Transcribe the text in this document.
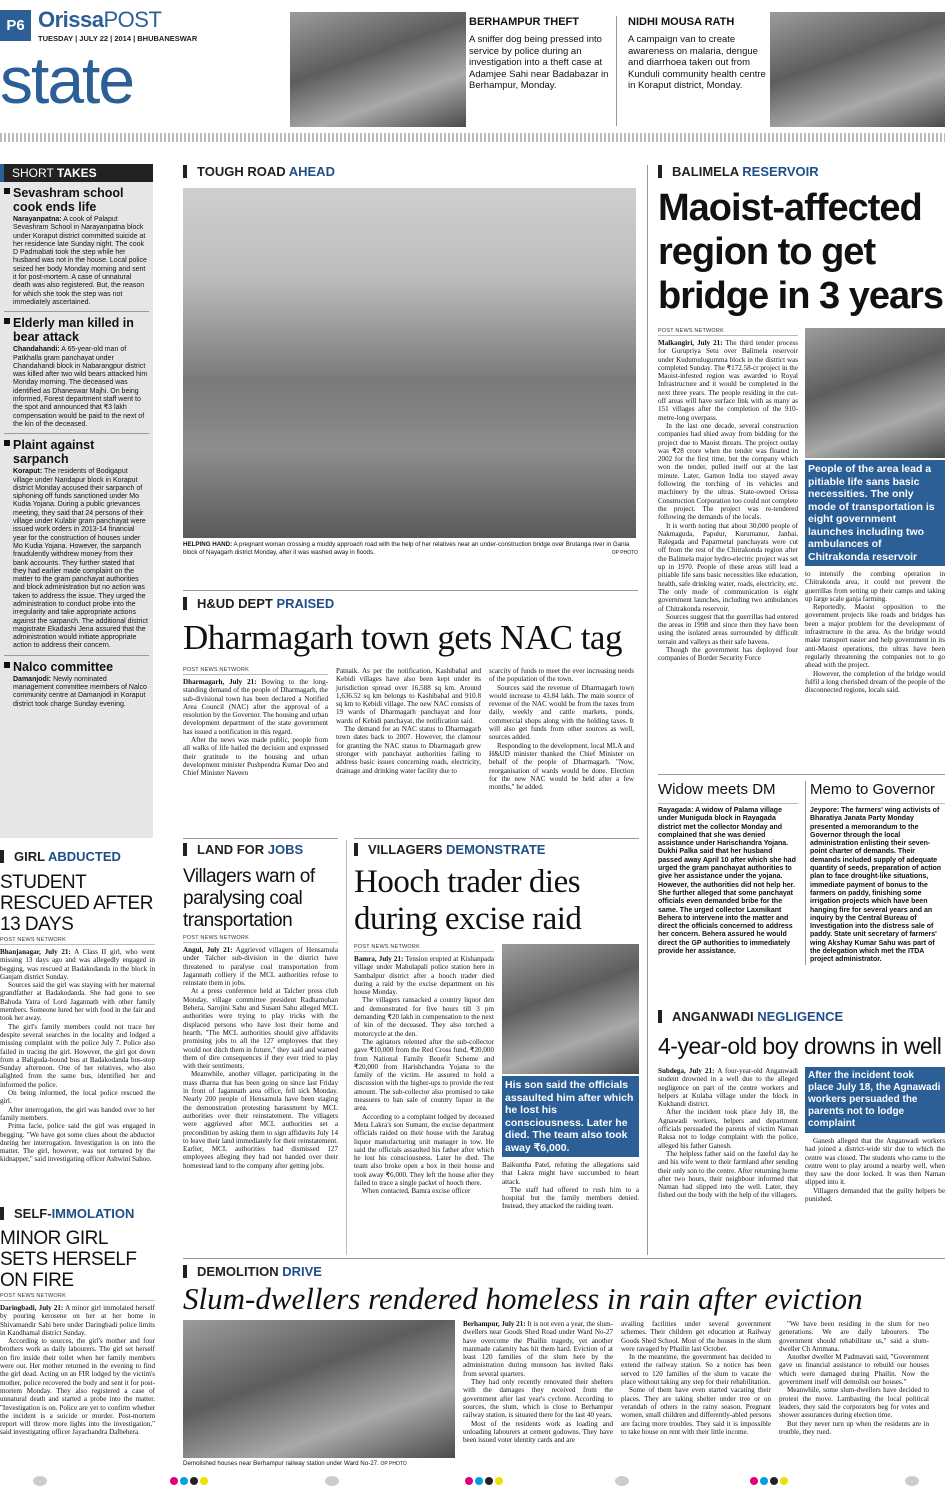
P6 OrissaPOST
TUESDAY | JULY 22 | 2014 | BHUBANESWAR
state
BERHAMPUR THEFT
A sniffer dog being pressed into service by police during an investigation into a theft case at Adamjee Sahi near Badabazar in Berhampur, Monday.
NIDHI MOUSA RATH
A campaign van to create awareness on malaria, dengue and diarrhoea taken out from Kunduli community health centre in Koraput district, Monday.
SHORT TAKES
Sevashram school cook ends life
Narayanpatna: A cook of Palaput Sevashram School in Narayanpatna block under Koraput district committed suicide at her residence late Sunday night. The cook D Padmabati took the step while her husband was not in the house. Local police seized her body Monday morning and sent it for post-mortem. A case of unnatural death was also registered. But, the reason for which she took the step was not immediately ascertained.
Elderly man killed in bear attack
Chandahandi: A 65-year-old man of Patkhalla gram panchayat under Chandahandi block in Nabarangpur district was killed after two wild bears attacked him Monday morning. The deceased was identified as Dhaneswar Majhi. On being informed, Forest department staff went to the spot and announced that ₹3 lakh compensation would be paid to the next of the kin of the deceased.
Plaint against sarpanch
Koraput: The residents of Bodigaput village under Nandapur block in Koraput district Monday accused their sarpanch of siphoning off funds sanctioned under Mo Kudia Yojana. During a public grievances meeting, they said that 24 persons of their village under Kulabir gram panchayat were issued work orders in 2013-14 financial year for the construction of houses under Mo Kudia Yojana. However, the sarpanch fraudulently withdrew money from their bank accounts. They further stated that they had earlier made complaint on the matter to the gram panchayat authorities and block administration but no action was taken to address the issue. They urged the administration to conduct probe into the irregularity and take appropriate actions against the sarpanch. The additional district magistrate Ekadashi Jena assured that the administration would initiate appropriate action to address their concern.
Nalco committee
Damanjodi: Newly nominated management committee members of Nalco community centre at Damanjodi in Koraput district took charge Sunday evening.
GIRL ABDUCTED
STUDENT RESCUED AFTER 13 DAYS
POST NEWS NETWORK

Bhanjanagar, July 21: A Class II girl, who went missing 13 days ago and was allegedly engaged in begging, was rescued at Badakodanda in the block in Ganjam district Sunday.

Sources said the girl was staying with her maternal grandfather at Badakodanda. She had gone to see Bahuda Yatra of Lord Jagannath with other family members. Someone lured her with food in the fair and took her away.

The girl's family members could not trace her despite several searches in the locality and lodged a missing complaint with the police July 7. Police also failed in tracing the girl. However, the girl got down from a Baliguda-bound bus at Badakodanda bus-stop Sunday afternoon. One of her relatives, who also alighted from the same bus, identified her and informed the police.

On being informed, the local police rescued the girl.

After interrogation, the girl was handed over to her family members.

Prima facie, police said the girl was engaged in begging. "We have got some clues about the abductor during her interrogation. Investigation is on into the matter. The girl, however, was not tortured by the kidnapper," said investigating officer Ashwini Sahoo.

SELF-IMMOLATION
MINOR GIRL SETS HERSELF ON FIRE
POST NEWS NETWORK

Daringbadi, July 21: A minor girl immolated herself by pouring kerosene on her at her home in Shivamandir Sahi here under Daringbadi police limits in Kandhamal district Sunday.

According to sources, the girl's mother and four brothers work as daily labourers. The girl set herself on fire inside their toilet when her family members were out. Her mother returned in the evening to find the girl dead. Acting on an FIR lodged by the victim's mother, police recovered the body and sent it for post-mortem Monday. They also registered a case of unnatural death and started a probe into the matter. "Investigation is on. Police are yet to confirm whether the incident is a suicide or murder. Post-mortem report will throw more lights into the investigation," said investigating officer Jayachandra Dalbehera.

TOUGH ROAD AHEAD
HELPING HAND: A pregnant woman crossing a muddy approach road with the help of her relatives near an under-construction bridge over Brutanga river in Gania block of Nayagarh district Monday, after it was washed away in floods.	OP PHOTO
H&UD DEPT PRAISED
Dharmagarh town gets NAC tag
POST NEWS NETWORK

Dharmagarh, July 21: Bowing to the long-standing demand of the people of Dharmagarh, the sub-divisional town has been declared a Notified Area Council (NAC) after the approval of a resolution by the Governor. The housing and urban development department of the state government has issued a notification in this regard.

After the news was made public, people from all walks of life hailed the decision and expressed their gratitude to the housing and urban development minister Pushpendra Kumar Deo and Chief Minister Naveen

Patnaik. As per the notification, Kashibahal and Kebidi villages have also been kept under its jurisdiction spread over 16,588 sq km. Around 1,636.52 sq km belongs to Kashibahal and 910.8 sq km to Kebidi village. The new NAC consists of 19 wards of Dharmagarh panchayat and four wards of Kebidi panchayat, the notification said.

The demand for an NAC status to Dharmagarh town dates back to 2007. However, the clamour for granting the NAC status to Dharmagarh grew stronger with panchayat authorities failing to address basic issues concerning roads, electricity, drainage and drinking water facility due to

scarcity of funds to meet the ever increasing needs of the population of the town.

Sources said the revenue of Dharmagarh town would increase to 43.84 lakh. The main source of revenue of the NAC would be from the taxes from daily, weekly and cattle markets, ponds, commercial shops along with the holding taxes. It will also get funds from other sources as well, sources added.

Responding to the development, local MLA and H&UD minister thanked the Chief Minister on behalf of the people of Dharmagarh. "Now, reorganisation of wards would be done. Election for the new NAC would be held after a few months," he added.

LAND FOR JOBS
Villagers warn of paralysing coal transportation
POST NEWS NETWORK

Angul, July 21: Aggrieved villagers of Hensamula under Talcher sub-division in the district have threatened to paralyse coal transportation from Jagannath colliery if the MCL authorities refuse to reinstate them in jobs.

At a press conference held at Talcher press club Monday, village committee president Radhamohan Behera, Sarojini Sahu and Susant Sahu alleged MCL authorities were trying to play tricks with the displaced persons who have lost their home and hearth. "The MCL authorities should give affidavits promising jobs to all the 127 employees that they would not ditch them in future," they said and warned them of dire consequences if they ever tried to play with their sentiments.

Meanwhile, another villager, participating in the mass dharna that has been going on since last Friday in front of Jagannath area office, fell sick Monday. Nearly 200 people of Hensamula have been staging the demonstration protesting harassment by MCL authorities over their reinstatement. The villagers were aggrieved after MCL authorities set a precondition by asking them to sign affidavits July 14 to leave their land immediately for their reinstatement. Earlier, MCL authorities had dismissed 127 employees alleging they had not handed over their homestead land to the company after getting jobs.

VILLAGERS DEMONSTRATE
Hooch trader dies during excise raid
POST NEWS NETWORK

Bamra, July 21: Tension erupted at Kishanpada village under Mahulapali police station here in Sambalpur district after a hooch trader died during a raid by the excise department on his house Monday.

The villagers ransacked a country liquor den and demonstrated for five hours till 3 pm demanding ₹20 lakh in compensation to the next of kin of the deceased. They also torched a motorcycle at the den.

The agitators relented after the sub-collector gave ₹10,000 from the Red Cross fund, ₹20,000 from National Family Benefit Scheme and ₹20,000 from Harishchandra Yojana to the family of the victim. He assured to hold a discussion with the higher-ups to provide the rest amount. The sub-collector also promised to take measures to ban sale of country liquor in the area.

According to a complaint lodged by deceased Meta Lakra's son Sumant, the excise department officials raided on their house with the Jarabag liquor manufacturing unit manager in tow. He said the officials assaulted his father after which he lost his consciousness. Later he died. The team also broke open a box in their house and took away ₹6,000. They left the house after they failed to trace a single packet of hooch there.

When contacted, Bamra excise officer

His son said the officials assaulted him after which he lost his consciousness. Later he died. The team also took away ₹6,000.

Baikuntha Patel, refuting the allegations said that Lakra might have succumbed to heart attack.

The staff had offered to rush him to a hospital but the family members denied. Instead, they attacked the raiding team.

BALIMELA RESERVOIR
Maoist-affected region to get bridge in 3 years
POST NEWS NETWORK

Malkangiri, July 21: The third tender process for Gurupriya Setu over Balimela reservoir under Kudumulugumma block in the district was completed Sunday. The ₹172.58-cr project in the Maoist-infested region was awarded to Royal Infrastructure and it would be completed in the next three years. The people residing in the cut-off areas will have surface link with as many as 151 villages after the completion of the 910-metre-long overpass.

In the last one decade, several construction companies had shied away from bidding for the project due to Maoist threats. The project outlay was ₹28 crore when the tender was floated in 2002 for the first time, but the company which won the tender, pulled itself out at the last minute. Later, Gamon India too stayed away following the torching of its vehicles and machinery by the ultras. State-owned Orissa Construction Corporation too could not complete the project. The project was re-tendered following the demands of the locals.

It is worth noting that about 30,000 people of Nakmaguda, Papulur, Kurumanur, Janbai, Ralegada and Paparmetal panchayats were cut off from the rest of the Chitrakonda region after the Balimela major hydro-electric project was set up in 1970. People of these areas still lead a pitiable life sans basic necessities like education, health, safe drinking water, roads, electricity, etc. The only mode of communication is eight government launches, including two ambulances of Chitrakonda reservoir.

Sources suggest that the guerrillas had entered the areas in 1998 and since then they have been using the isolated areas surrounded by difficult terrain and valleys as their safe havens.

Though the government has deployed four companies of Border Security Force

People of the area lead a pitiable life sans basic necessities. The only mode of transportation is eight government launches including two ambulances of Chitrakonda reservoir

to intensify the combing operation in Chitrakonda area, it could not prevent the guerrillas from setting up their camps and taking up large scale ganja farming.

Reportedly, Maoist opposition to the government projects like roads and bridges has been a major problem for the development of infrastructure in the area. As the bridge would make transport easier and help government in its anti-Maoist operations, the ultras have been regularly threatening the companies not to go ahead with the project.

However, the completion of the bridge would fulfil a long cherished dream of the people of the disconnected regions, locals said.

Widow meets DM
Rayagada: A widow of Palama village under Muniguda block in Rayagada district met the collector Monday and complained that she was denied assistance under Harischandra Yojana. Dukhi Palka said that her husband passed away April 10 after which she had urged the gram panchayat authorities to give her assistance under the yojana. However, the authorities did not help her. She further alleged that some panchayat officials even demanded bribe for the same. The urged collector Laxmikant Behera to intervene into the matter and direct the officials concerned to address her concern. Behera assured he would direct the GP authorities to immediately provide her assistance.
Memo to Governor
Jeypore: The farmers' wing activists of Bharatiya Janata Party Monday presented a memorandum to the Governor through the local administration enlisting their seven-point charter of demands. Their demands included supply of adequate quantity of seeds, preparation of action plan to face drought-like situations, immediate payment of bonus to the farmers on paddy, finishing some irrigation projects which have been hanging fire for several years and an inquiry by the Central Bureau of Investigation into the distress sale of paddy. State unit secretary of farmers' wing Akshay Kumar Sahu was part of the delegation which met the ITDA project administrator.
ANGANWADI NEGLIGENCE
4-year-old boy drowns in well

Subdega, July 21: A four-year-old Anganwadi student drowned in a well due to the alleged negligence on part of the centre workers and helpers at Kulaba village under the block in Kukhandi district.

After the incident took place July 18, the Agnawadi workers, helpers and department officials persuaded the parents of victim Naman Raksa not to lodge complaint with the police, alleged his father Ganesh.

The helpless father said on the fateful day he and his wife went to their farmland after sending their only son to the centre. After returning home after two hours, their neighbour informed that Naman had slipped into the well. Later, they fished out the body with the help of the villagers.

After the incident took place July 18, the Agnawadi workers persuaded the parents not to lodge complaint

Ganesh alleged that the Anganwadi workers had joined a district-wide stir due to which the centre was closed. The students who came to the centre went to play around a nearby well, when they saw the door locked. It was then Naman slipped into it.

Villagers demanded that the guilty helpers be punished.

DEMOLITION DRIVE
Slum-dwellers rendered homeless in rain after eviction
Demolished houses near Berhampur railway station under Ward No-27. OP PHOTO

Berhampur, July 21: It is not even a year, the slum-dwellers near Goods Shed Road under Ward No-27 have overcome the Phailin tragedy, yet another manmade calamity has hit them hard. Eviction of at least 120 families of the slum here by the administration during monsoon has invited flaks from several quarters.

They had only recently renovated their shelters with the damages they received from the government after last year's cyclone. According to sources, the slum, which is close to Berhampur railway station, is situated there for the last 40 years.

Most of the residents work as loading and unloading labourers at cement godowns. They have been issued voter identity cards and are

availing facilities under several government schemes. Their children get education at Railway Goods Shed School. Most of the houses in the slum were ravaged by Phailin last October.

In the meantime, the government has decided to extend the railway station. So a notice has been served to 120 families of the slum to vacate the place without taking any step for their rehabilitation.

Some of them have even started vacating their places. They are taking shelter under tree or on verandah of others in the rainy season. Pregnant women, small children and differently-abled persons are facing more troubles. They said it is impossible to take house on rent with their little income.

"We have been residing in the slum for two generations. We are daily labourers. The government should rehabilitate us," said a slum-dweller Ch Ammana.

Another dweller M Padmavati said, "Government gave us financial assistance to rebuild our houses which were damaged during Phailin. Now the government itself will demolish our houses."

Meanwhile, some slum-dwellers have decided to protest the move. Lambasting the local political leaders, they said the corporators beg for votes and shower assurances during election time.

But they never turn up when the residents are in trouble, they rued.
